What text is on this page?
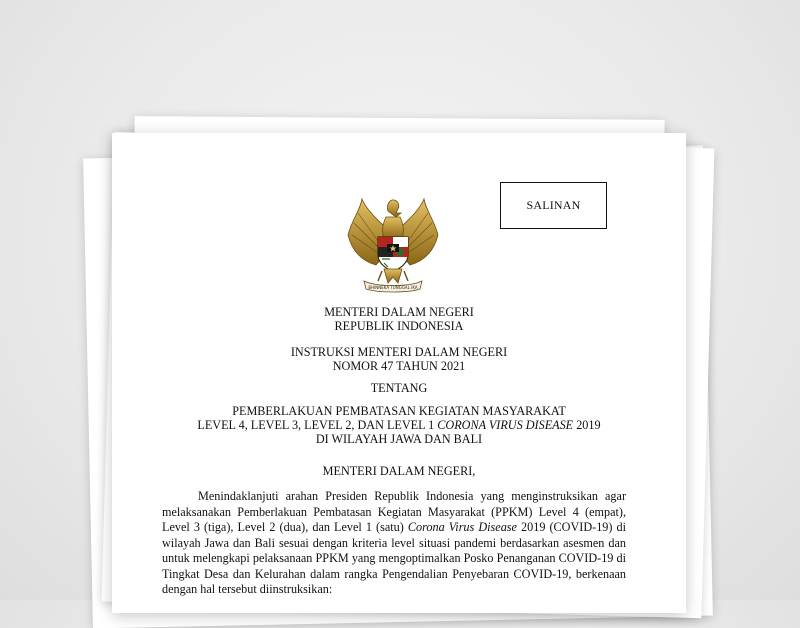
SALINAN
BHINNEKA TUNGGAL IKA
MENTERI DALAM NEGERI
REPUBLIK INDONESIA
INSTRUKSI MENTERI DALAM NEGERI
NOMOR 47 TAHUN 2021
TENTANG
PEMBERLAKUAN PEMBATASAN KEGIATAN MASYARAKAT
LEVEL 4, LEVEL 3, LEVEL 2, DAN LEVEL 1 CORONA VIRUS DISEASE 2019
DI WILAYAH JAWA DAN BALI
MENTERI DALAM NEGERI,

Menindaklanjuti arahan Presiden Republik Indonesia yang menginstruksikan agar melaksanakan Pemberlakuan Pembatasan Kegiatan Masyarakat (PPKM) Level 4 (empat), Level 3 (tiga), Level 2 (dua), dan Level 1 (satu) Corona Virus Disease 2019 (COVID-19) di wilayah Jawa dan Bali sesuai dengan kriteria level situasi pandemi berdasarkan asesmen dan untuk melengkapi pelaksanaan PPKM yang mengoptimalkan Posko Penanganan COVID-19 di Tingkat Desa dan Kelurahan dalam rangka Pengendalian Penyebaran COVID-19, berkenaan dengan hal tersebut diinstruksikan:
